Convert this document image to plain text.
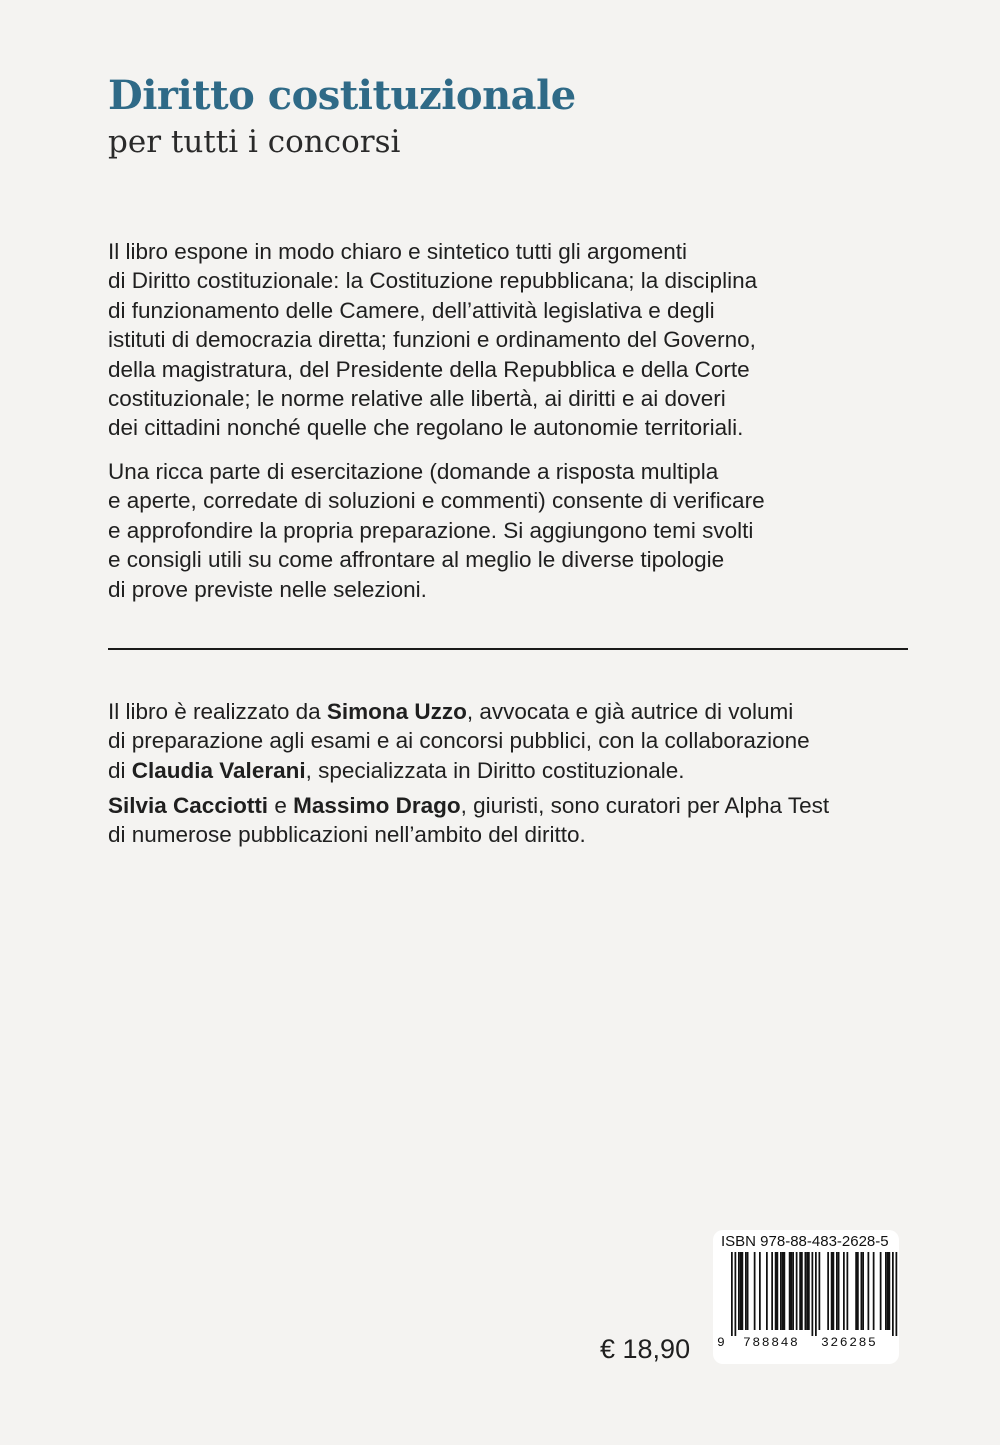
Diritto costituzionale
per tutti i concorsi
Il libro espone in modo chiaro e sintetico tutti gli argomenti
di Diritto costituzionale: la Costituzione repubblicana; la disciplina
di funzionamento delle Camere, dell’attività legislativa e degli
istituti di democrazia diretta; funzioni e ordinamento del Governo,
della magistratura, del Presidente della Repubblica e della Corte
costituzionale; le norme relative alle libertà, ai diritti e ai doveri
dei cittadini nonché quelle che regolano le autonomie territoriali.
Una ricca parte di esercitazione (domande a risposta multipla
e aperte, corredate di soluzioni e commenti) consente di verificare
e approfondire la propria preparazione. Si aggiungono temi svolti
e consigli utili su come affrontare al meglio le diverse tipologie
di prove previste nelle selezioni.
Il libro è realizzato da Simona Uzzo, avvocata e già autrice di volumi
di preparazione agli esami e ai concorsi pubblici, con la collaborazione
di Claudia Valerani, specializzata in Diritto costituzionale.
Silvia Cacciotti e Massimo Drago, giuristi, sono curatori per Alpha Test
di numerose pubblicazioni nell’ambito del diritto.
€ 18,90
ISBN 978-88-483-2628-5
9 788848 326285
